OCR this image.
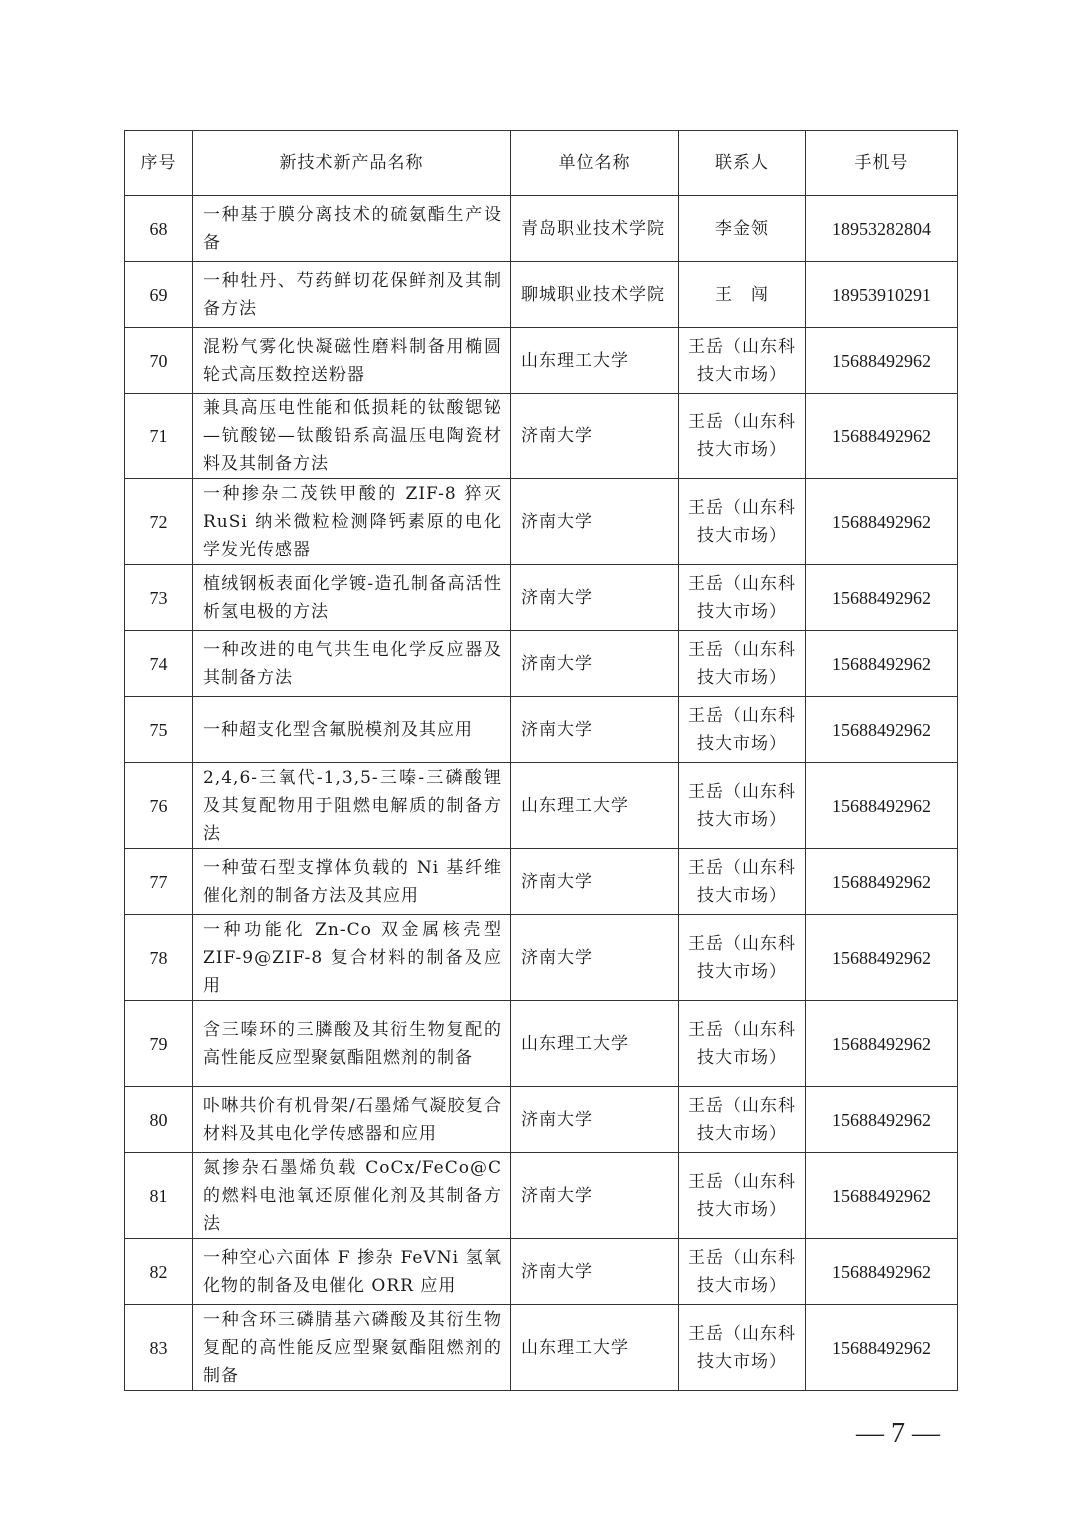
序号	新技术新产品名称	单位名称	联系人	手机号
68	一种基于膜分离技术的硫氨酯生产设备	青岛职业技术学院	李金领	18953282804
69	一种牡丹、芍药鲜切花保鲜剂及其制备方法	聊城职业技术学院	王　闯	18953910291
70	混粉气雾化快凝磁性磨料制备用椭圆轮式高压数控送粉器	山东理工大学	王岳（山东科技大市场）	15688492962
71	兼具高压电性能和低损耗的钛酸锶铋—钪酸铋—钛酸铅系高温压电陶瓷材料及其制备方法	济南大学	王岳（山东科技大市场）	15688492962
72	一种掺杂二茂铁甲酸的 ZIF-8 猝灭 RuSi 纳米微粒检测降钙素原的电化学发光传感器	济南大学	王岳（山东科技大市场）	15688492962
73	植绒钢板表面化学镀-造孔制备高活性析氢电极的方法	济南大学	王岳（山东科技大市场）	15688492962
74	一种改进的电气共生电化学反应器及其制备方法	济南大学	王岳（山东科技大市场）	15688492962
75	一种超支化型含氟脱模剂及其应用	济南大学	王岳（山东科技大市场）	15688492962
76	2,4,6-三氧代-1,3,5-三嗪-三磷酸锂及其复配物用于阻燃电解质的制备方法	山东理工大学	王岳（山东科技大市场）	15688492962
77	一种萤石型支撑体负载的 Ni 基纤维催化剂的制备方法及其应用	济南大学	王岳（山东科技大市场）	15688492962
78	一种功能化 Zn-Co 双金属核壳型 ZIF-9@ZIF-8 复合材料的制备及应用	济南大学	王岳（山东科技大市场）	15688492962
79	含三嗪环的三膦酸及其衍生物复配的高性能反应型聚氨酯阻燃剂的制备	山东理工大学	王岳（山东科技大市场）	15688492962
80	卟啉共价有机骨架/石墨烯气凝胶复合材料及其电化学传感器和应用	济南大学	王岳（山东科技大市场）	15688492962
81	氮掺杂石墨烯负载 CoCx/FeCo@C 的燃料电池氧还原催化剂及其制备方法	济南大学	王岳（山东科技大市场）	15688492962
82	一种空心六面体 F 掺杂 FeVNi 氢氧化物的制备及电催化 ORR 应用	济南大学	王岳（山东科技大市场）	15688492962
83	一种含环三磷腈基六磷酸及其衍生物复配的高性能反应型聚氨酯阻燃剂的制备	山东理工大学	王岳（山东科技大市场）	15688492962
— 7 —
